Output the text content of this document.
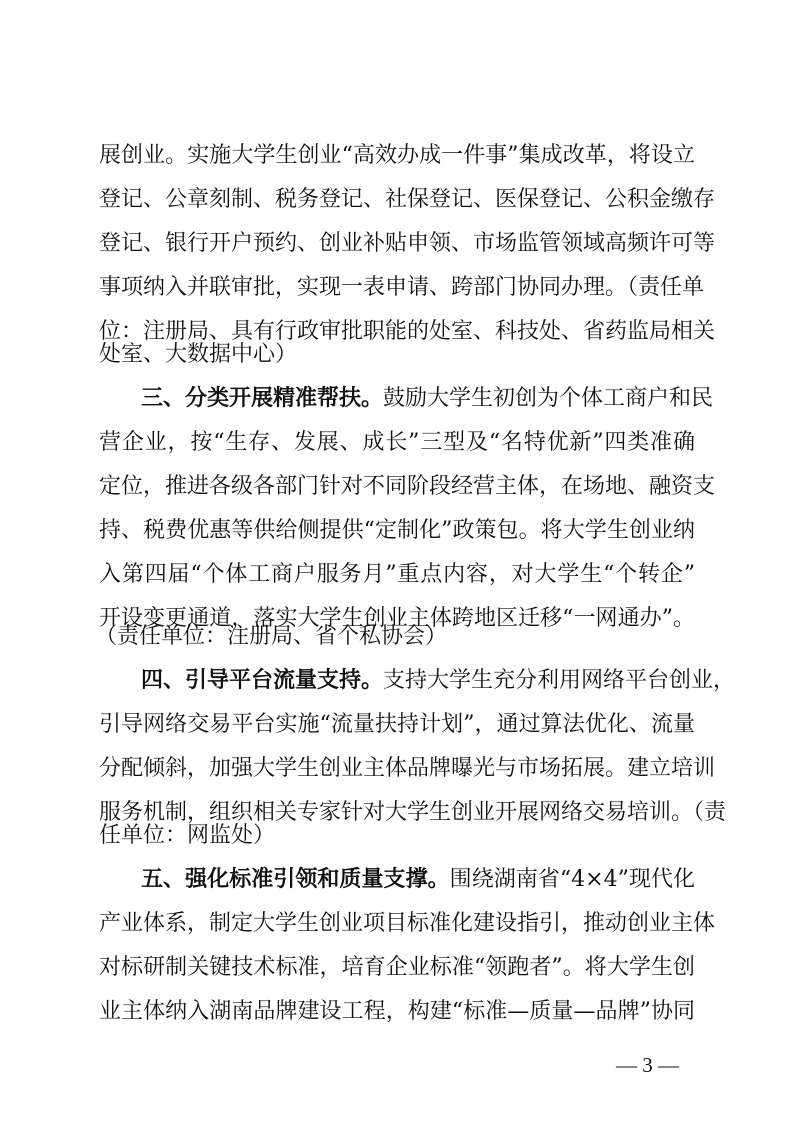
展创业。实施大学生创业“高效办成一件事”集成改革，将设立
登记、公章刻制、税务登记、社保登记、医保登记、公积金缴存
登记、银行开户预约、创业补贴申领、市场监管领域高频许可等
事项纳入并联审批，实现一表申请、跨部门协同办理。（责任单
位：注册局、具有行政审批职能的处室、科技处、省药监局相关
处室、大数据中心）
三、分类开展精准帮扶。鼓励大学生初创为个体工商户和民
营企业，按“生存、发展、成长”三型及“名特优新”四类准确
定位，推进各级各部门针对不同阶段经营主体，在场地、融资支
持、税费优惠等供给侧提供“定制化”政策包。将大学生创业纳
入第四届“个体工商户服务月”重点内容，对大学生“个转企”
开设变更通道，落实大学生创业主体跨地区迁移“一网通办”。
（责任单位：注册局、省个私协会）
四、引导平台流量支持。支持大学生充分利用网络平台创业，
引导网络交易平台实施“流量扶持计划”，通过算法优化、流量
分配倾斜，加强大学生创业主体品牌曝光与市场拓展。建立培训
服务机制，组织相关专家针对大学生创业开展网络交易培训。（责
任单位：网监处）
五、强化标准引领和质量支撑。围绕湖南省“4×4”现代化
产业体系，制定大学生创业项目标准化建设指引，推动创业主体
对标研制关键技术标准，培育企业标准“领跑者”。将大学生创
业主体纳入湖南品牌建设工程，构建“标准—质量—品牌”协同
— 3 —
